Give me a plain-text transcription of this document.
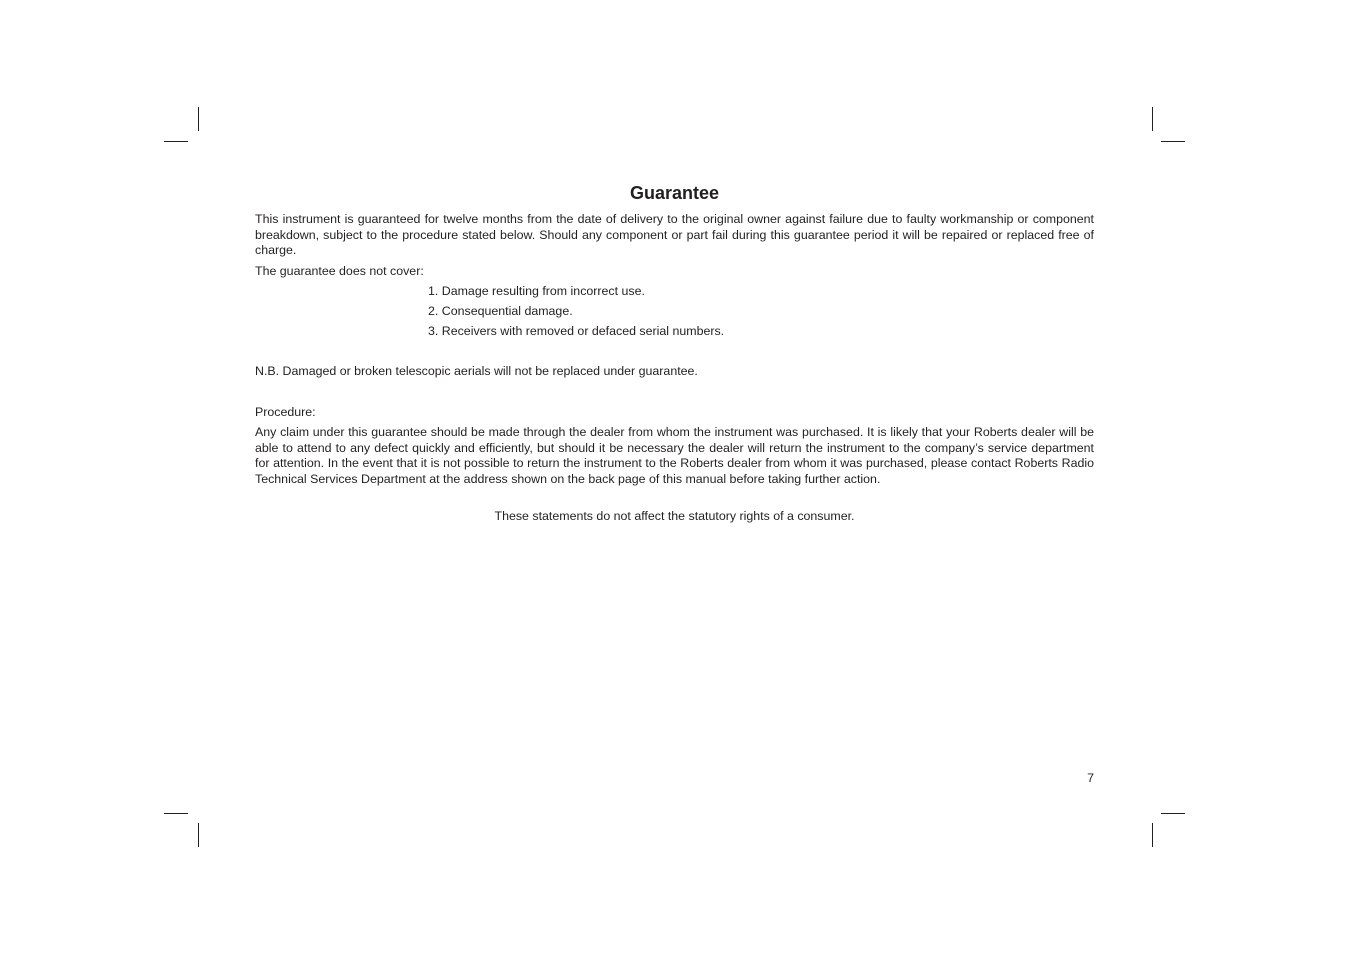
Guarantee

This instrument is guaranteed for twelve months from the date of delivery to the original owner against failure due to faulty workmanship or component breakdown, subject to the procedure stated below. Should any component or part fail during this guarantee period it will be repaired or replaced free of charge.

The guarantee does not cover:

1. Damage resulting from incorrect use.
2. Consequential damage.
3. Receivers with removed or defaced serial numbers.

N.B. Damaged or broken telescopic aerials will not be replaced under guarantee.

Procedure:

Any claim under this guarantee should be made through the dealer from whom the instrument was purchased. It is likely that your Roberts dealer will be able to attend to any defect quickly and efficiently, but should it be necessary the dealer will return the instrument to the company’s service department for attention. In the event that it is not possible to return the instrument to the Roberts dealer from whom it was purchased, please contact Roberts Radio Technical Services Department at the address shown on the back page of this manual before taking further action.

These statements do not affect the statutory rights of a consumer.

7
